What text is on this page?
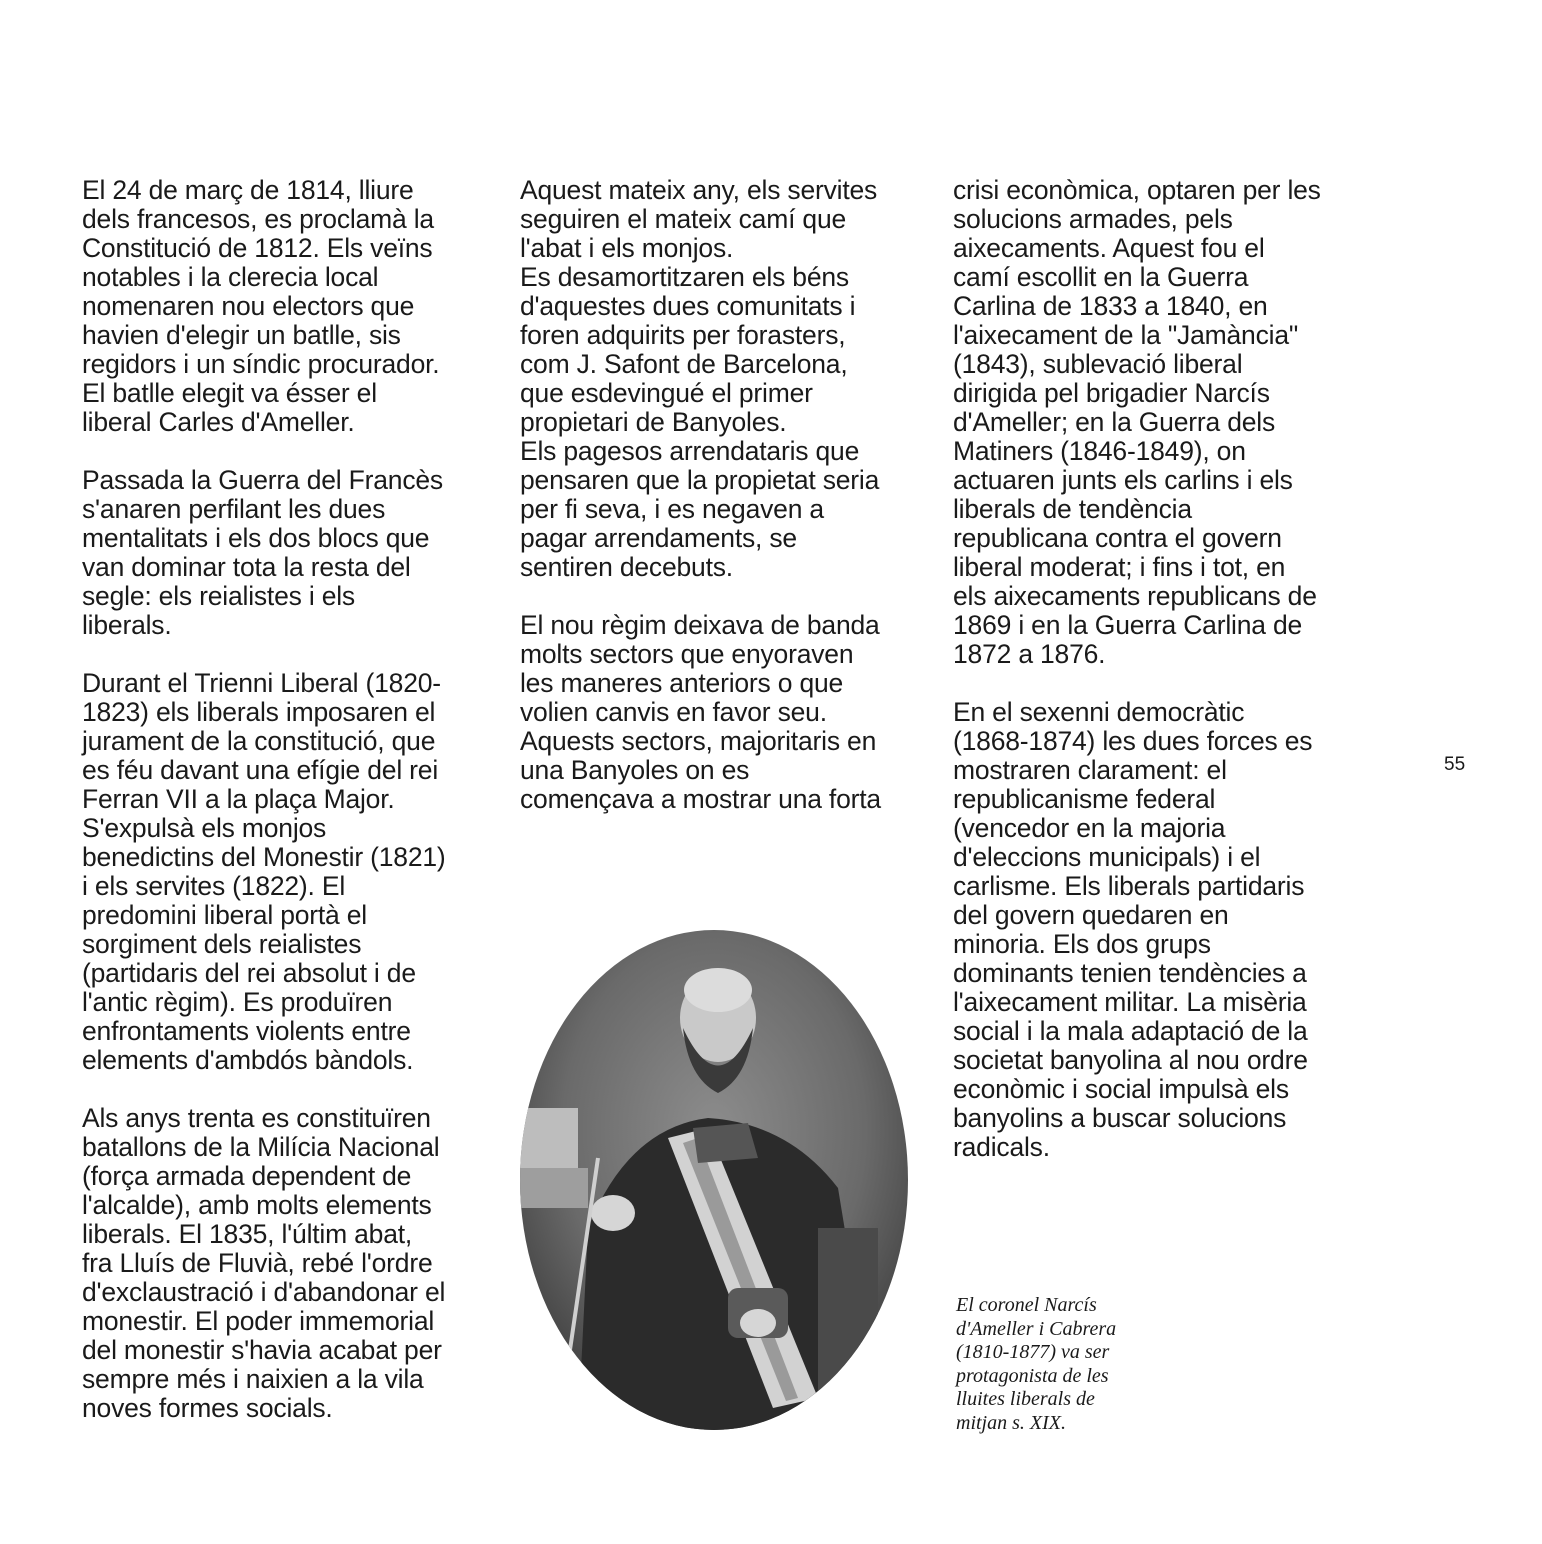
El 24 de març de 1814, lliure
dels francesos, es proclamà la
Constitució de 1812. Els veïns
notables i la clerecia local
nomenaren nou electors que
havien d'elegir un batlle, sis
regidors i un síndic procurador.
El batlle elegit va ésser el
liberal Carles d'Ameller.

Passada la Guerra del Francès
s'anaren perfilant les dues
mentalitats i els dos blocs que
van dominar tota la resta del
segle: els reialistes i els
liberals.

Durant el Trienni Liberal (1820-
1823) els liberals imposaren el
jurament de la constitució, que
es féu davant una efígie del rei
Ferran VII a la plaça Major.
S'expulsà els monjos
benedictins del Monestir (1821)
i els servites (1822). El
predomini liberal portà el
sorgiment dels reialistes
(partidaris del rei absolut i de
l'antic règim). Es produïren
enfrontaments violents entre
elements d'ambdós bàndols.

Als anys trenta es constituïren
batallons de la Milícia Nacional
(força armada dependent de
l'alcalde), amb molts elements
liberals. El 1835, l'últim abat,
fra Lluís de Fluvià, rebé l'ordre
d'exclaustració i d'abandonar el
monestir. El poder immemorial
del monestir s'havia acabat per
sempre més i naixien a la vila
noves formes socials.

Aquest mateix any, els servites
seguiren el mateix camí que
l'abat i els monjos.
Es desamortitzaren els béns
d'aquestes dues comunitats i
foren adquirits per forasters,
com J. Safont de Barcelona,
que esdevingué el primer
propietari de Banyoles.
Els pagesos arrendataris que
pensaren que la propietat seria
per fi seva, i es negaven a
pagar arrendaments, se
sentiren decebuts.

El nou règim deixava de banda
molts sectors que enyoraven
les maneres anteriors o que
volien canvis en favor seu.
Aquests sectors, majoritaris en
una Banyoles on es
començava a mostrar una forta

crisi econòmica, optaren per les
solucions armades, pels
aixecaments. Aquest fou el
camí escollit en la Guerra
Carlina de 1833 a 1840, en
l'aixecament de la "Jamància"
(1843), sublevació liberal
dirigida pel brigadier Narcís
d'Ameller; en la Guerra dels
Matiners (1846-1849), on
actuaren junts els carlins i els
liberals de tendència
republicana contra el govern
liberal moderat; i fins i tot, en
els aixecaments republicans de
1869 i en la Guerra Carlina de
1872 a 1876.

En el sexenni democràtic
(1868-1874) les dues forces es
mostraren clarament: el
republicanisme federal
(vencedor en la majoria
d'eleccions municipals) i el
carlisme. Els liberals partidaris
del govern quedaren en
minoria. Els dos grups
dominants tenien tendències a
l'aixecament militar. La misèria
social i la mala adaptació de la
societat banyolina al nou ordre
econòmic i social impulsà els
banyolins a buscar solucions
radicals.

El coronel Narcís
d'Ameller i Cabrera
(1810-1877) va ser
protagonista de les
lluites liberals de
mitjan s. XIX.
55
